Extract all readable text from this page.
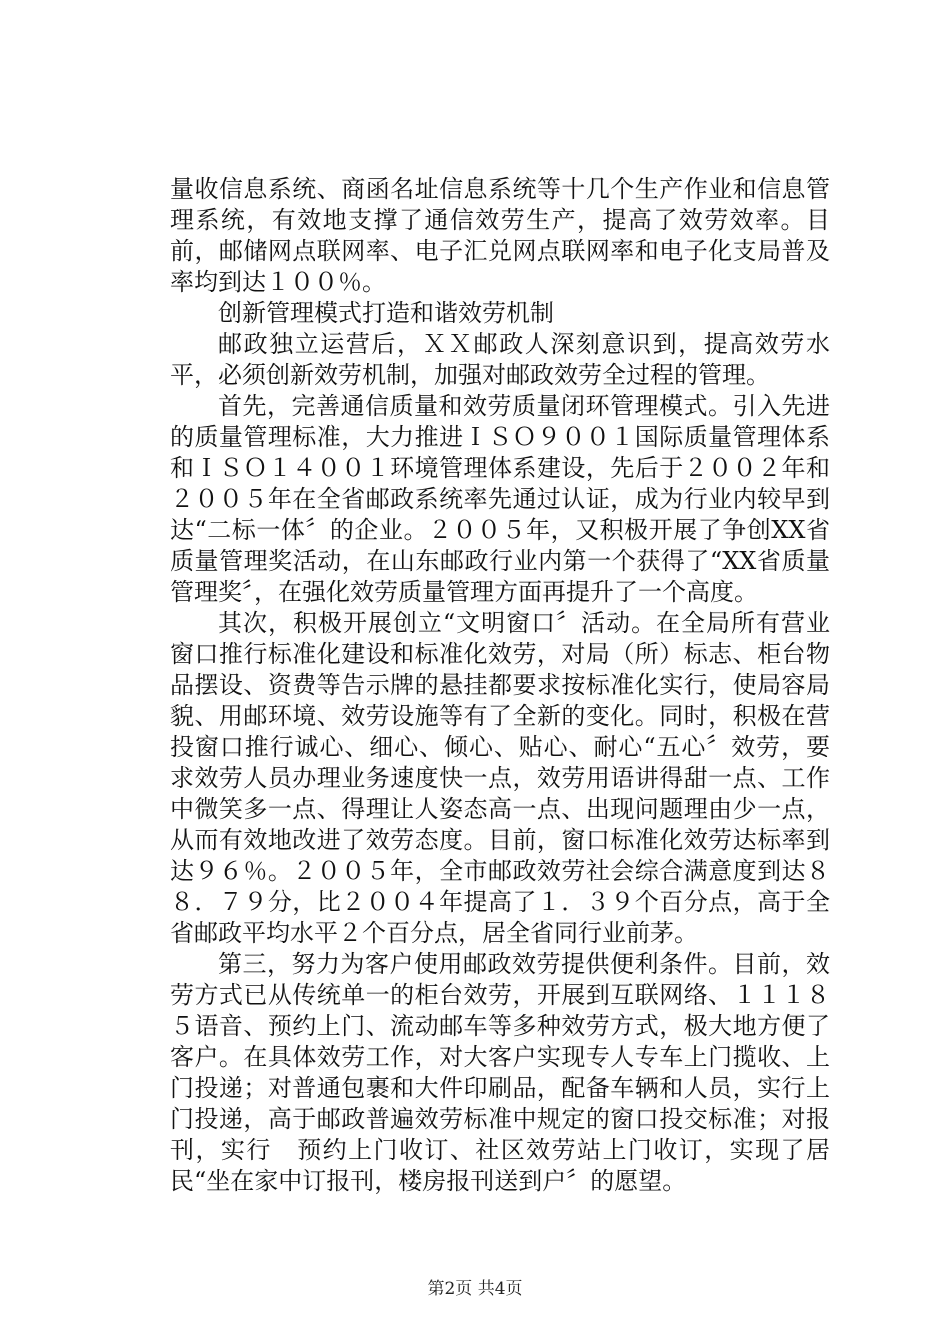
量收信息系统、商函名址信息系统等十几个生产作业和信息管理系统，有效地支撑了通信效劳生产，提高了效劳效率。目前，邮储网点联网率、电子汇兑网点联网率和电子化支局普及率均到达１００％。

创新管理模式打造和谐效劳机制

邮政独立运营后，ＸＸ邮政人深刻意识到，提高效劳水平，必须创新效劳机制，加强对邮政效劳全过程的管理。

首先，完善通信质量和效劳质量闭环管理模式。引入先进的质量管理标准，大力推进ＩＳＯ９００１国际质量管理体系和ＩＳＯ１４００１环境管理体系建设，先后于２００２年和２００５年在全省邮政系统率先通过认证，成为行业内较早到达“二标一体〞的企业。２００５年，又积极开展了争创XX省质量管理奖活动，在山东邮政行业内第一个获得了“XX省质量管理奖〞，在强化效劳质量管理方面再提升了一个高度。

其次，积极开展创立“文明窗口〞活动。在全局所有营业窗口推行标准化建设和标准化效劳，对局（所）标志、柜台物品摆设、资费等告示牌的悬挂都要求按标准化实行，使局容局貌、用邮环境、效劳设施等有了全新的变化。同时，积极在营投窗口推行诚心、细心、倾心、贴心、耐心“五心〞效劳，要求效劳人员办理业务速度快一点，效劳用语讲得甜一点、工作中微笑多一点、得理让人姿态高一点、出现问题理由少一点，从而有效地改进了效劳态度。目前，窗口标准化效劳达标率到达９６％。２００５年，全市邮政效劳社会综合满意度到达８８．７９分，比２００４年提高了１．３９个百分点，高于全省邮政平均水平２个百分点，居全省同行业前茅。

第三，努力为客户使用邮政效劳提供便利条件。目前，效劳方式已从传统单一的柜台效劳，开展到互联网络、１１１８５语音、预约上门、流动邮车等多种效劳方式，极大地方便了客户。在具体效劳工作，对大客户实现专人专车上门揽收、上门投递；对普通包裹和大件印刷品，配备车辆和人员，实行上门投递，高于邮政普遍效劳标准中规定的窗口投交标准；对报刊，实行　预约上门收订、社区效劳站上门收订，实现了居民“坐在家中订报刊，楼房报刊送到户〞的愿望。

第2页 共4页
